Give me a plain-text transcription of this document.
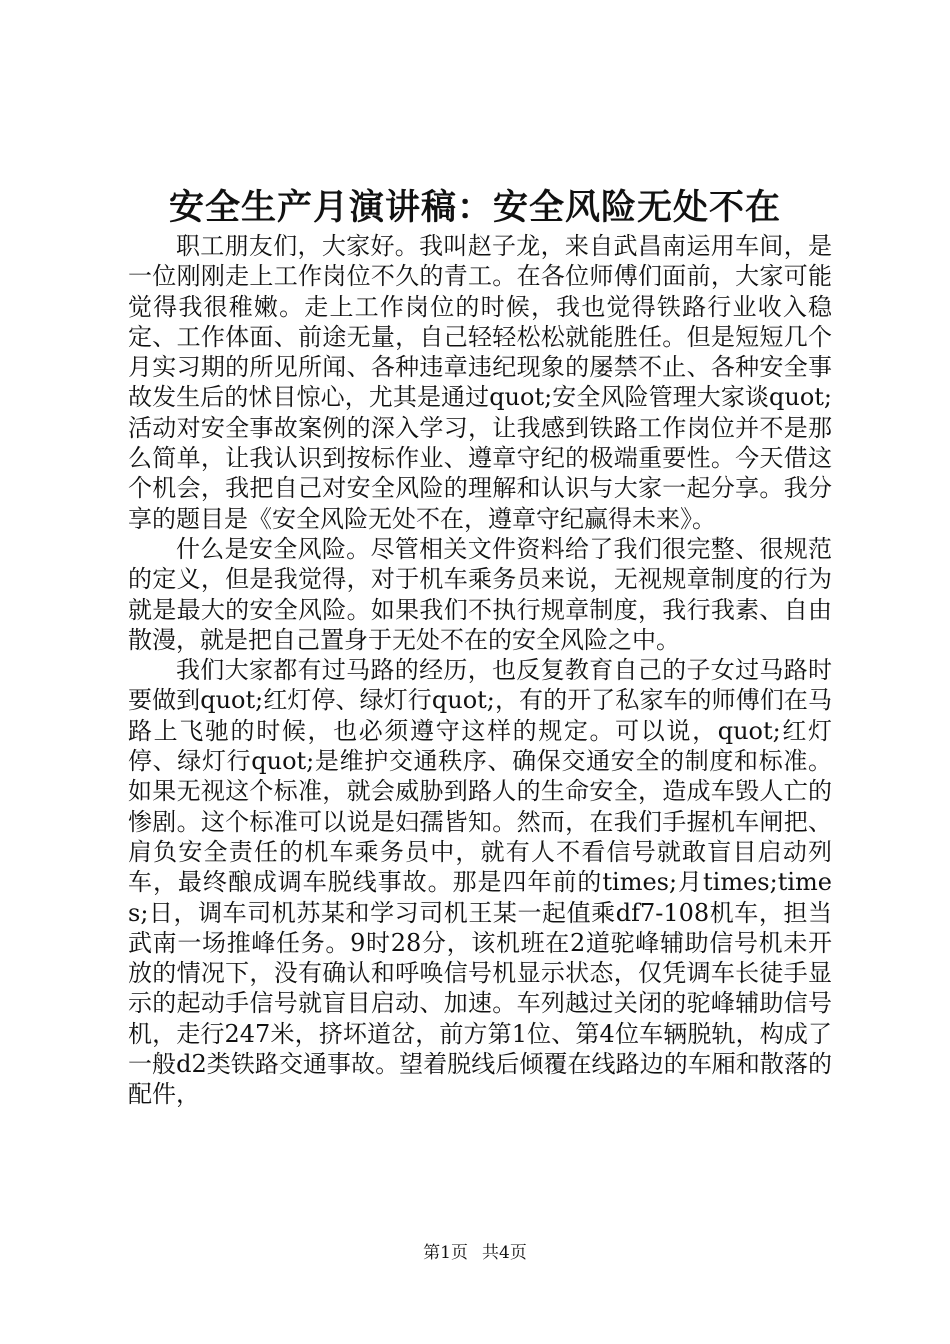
安全生产月演讲稿：安全风险无处不在

职工朋友们，大家好。我叫赵子龙，来自武昌南运用车间，是一位刚刚走上工作岗位不久的青工。在各位师傅们面前，大家可能觉得我很稚嫩。走上工作岗位的时候，我也觉得铁路行业收入稳定、工作体面、前途无量，自己轻轻松松就能胜任。但是短短几个月实习期的所见所闻、各种违章违纪现象的屡禁不止、各种安全事故发生后的怵目惊心，尤其是通过quot;安全风险管理大家谈quot;活动对安全事故案例的深入学习，让我感到铁路工作岗位并不是那么简单，让我认识到按标作业、遵章守纪的极端重要性。今天借这个机会，我把自己对安全风险的理解和认识与大家一起分享。我分享的题目是《安全风险无处不在，遵章守纪赢得未来》。

什么是安全风险。尽管相关文件资料给了我们很完整、很规范的定义，但是我觉得，对于机车乘务员来说，无视规章制度的行为就是最大的安全风险。如果我们不执行规章制度，我行我素、自由散漫，就是把自己置身于无处不在的安全风险之中。

我们大家都有过马路的经历，也反复教育自己的子女过马路时要做到quot;红灯停、绿灯行quot;，有的开了私家车的师傅们在马路上飞驰的时候，也必须遵守这样的规定。可以说，quot;红灯停、绿灯行quot;是维护交通秩序、确保交通安全的制度和标准。如果无视这个标准，就会威胁到路人的生命安全，造成车毁人亡的惨剧。这个标准可以说是妇孺皆知。然而，在我们手握机车闸把、肩负安全责任的机车乘务员中，就有人不看信号就敢盲目启动列车，最终酿成调车脱线事故。那是四年前的times;月times;times;日，调车司机苏某和学习司机王某一起值乘df7-108机车，担当武南一场推峰任务。9时28分，该机班在2道驼峰辅助信号机未开放的情况下，没有确认和呼唤信号机显示状态，仅凭调车长徒手显示的起动手信号就盲目启动、加速。车列越过关闭的驼峰辅助信号机，走行247米，挤坏道岔，前方第1位、第4位车辆脱轨，构成了一般d2类铁路交通事故。望着脱线后倾覆在线路边的车厢和散落的配件，

第1页 共4页
